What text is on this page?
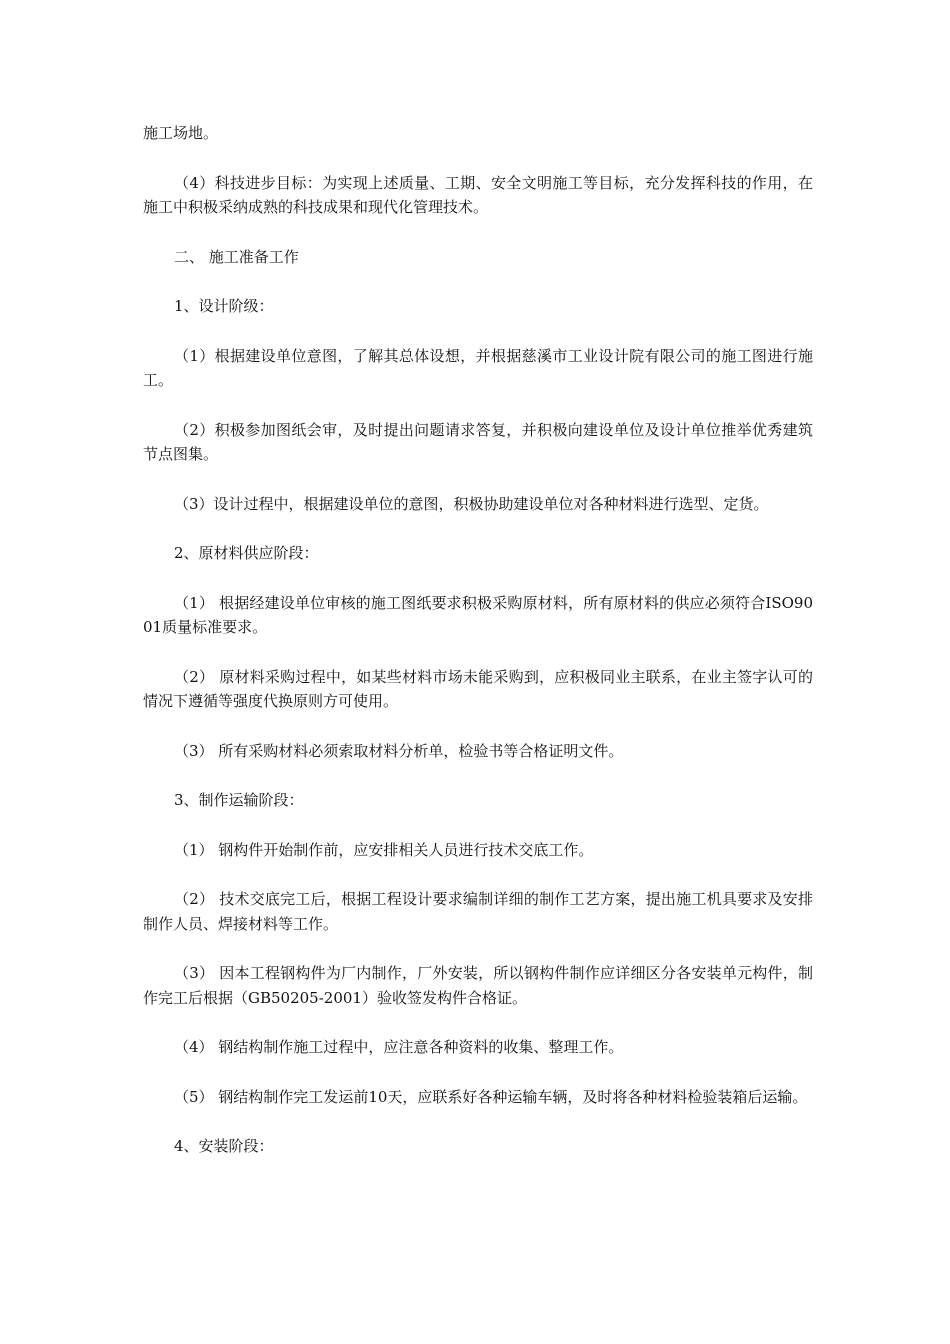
施工场地。

（4）科技进步目标：为实现上述质量、工期、安全文明施工等目标，充分发挥科技的作用，在施工中积极采纳成熟的科技成果和现代化管理技术。

二、 施工准备工作

1、设计阶级：

（1）根据建设单位意图，了解其总体设想，并根据慈溪市工业设计院有限公司的施工图进行施工。

（2）积极参加图纸会审，及时提出问题请求答复，并积极向建设单位及设计单位推举优秀建筑节点图集。

（3）设计过程中，根据建设单位的意图，积极协助建设单位对各种材料进行选型、定货。

2、原材料供应阶段：

（1） 根据经建设单位审核的施工图纸要求积极采购原材料，所有原材料的供应必须符合ISO9001质量标准要求。

（2） 原材料采购过程中，如某些材料市场未能采购到，应积极同业主联系，在业主签字认可的情况下遵循等强度代换原则方可使用。

（3） 所有采购材料必须索取材料分析单，检验书等合格证明文件。

3、制作运输阶段：

（1） 钢构件开始制作前，应安排相关人员进行技术交底工作。

（2） 技术交底完工后，根据工程设计要求编制详细的制作工艺方案，提出施工机具要求及安排制作人员、焊接材料等工作。

（3） 因本工程钢构件为厂内制作，厂外安装，所以钢构件制作应详细区分各安装单元构件，制作完工后根据（GB50205-2001）验收签发构件合格证。

（4） 钢结构制作施工过程中，应注意各种资料的收集、整理工作。

（5） 钢结构制作完工发运前10天，应联系好各种运输车辆，及时将各种材料检验装箱后运输。

4、安装阶段：
